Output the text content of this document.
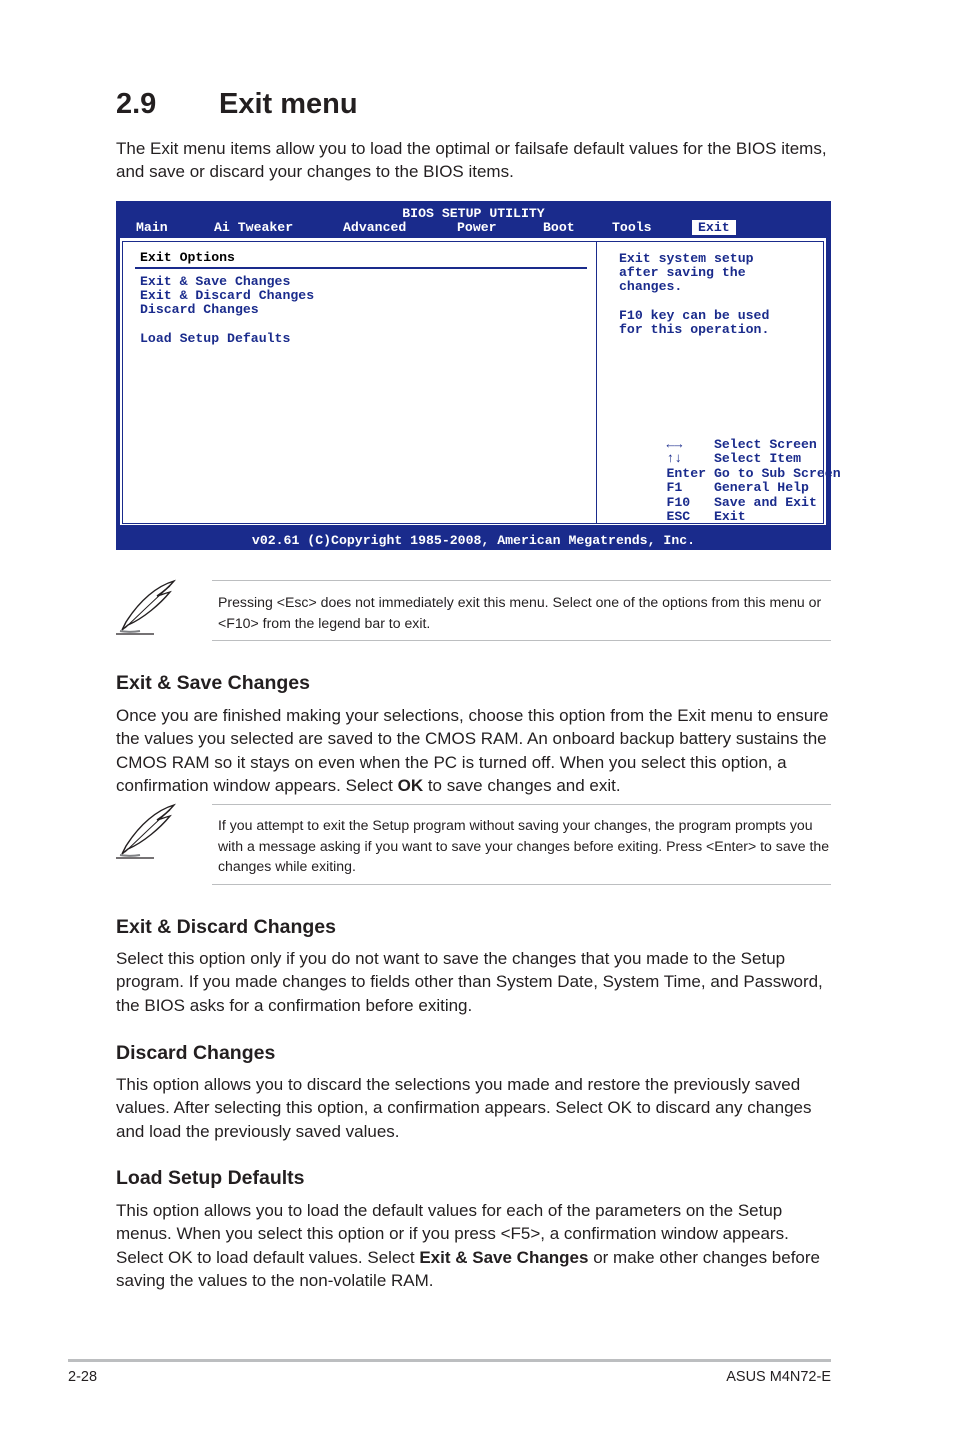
2.9 Exit menu

The Exit menu items allow you to load the optimal or failsafe default values for the BIOS items, and save or discard your changes to the BIOS items.

BIOS SETUP UTILITY
Main	Ai Tweaker	Advanced	Power	Boot	Tools	Exit
Exit Options
Exit & Save Changes
Exit & Discard Changes
Discard Changes
Load Setup Defaults
Exit system setup
after saving the
changes.
F10 key can be used
for this operation.

←→ Select Screen

↑↓ Select Item

Enter Go to Sub Screen

F1 General Help

F10 Save and Exit

ESC Exit

v02.61 (C)Copyright 1985-2008, American Megatrends, Inc.

Pressing <Esc> does not immediately exit this menu. Select one of the options from this menu or <F10> from the legend bar to exit.

Exit & Save Changes

Once you are finished making your selections, choose this option from the Exit menu to ensure the values you selected are saved to the CMOS RAM. An onboard backup battery sustains the CMOS RAM so it stays on even when the PC is turned off. When you select this option, a confirmation window appears. Select OK to save changes and exit.

If you attempt to exit the Setup program without saving your changes, the program prompts you with a message asking if you want to save your changes before exiting. Press <Enter> to save the changes while exiting.

Exit & Discard Changes

Select this option only if you do not want to save the changes that you made to the Setup program. If you made changes to fields other than System Date, System Time, and Password, the BIOS asks for a confirmation before exiting.

Discard Changes

This option allows you to discard the selections you made and restore the previously saved values. After selecting this option, a confirmation appears. Select OK to discard any changes and load the previously saved values.

Load Setup Defaults

This option allows you to load the default values for each of the parameters on the Setup menus. When you select this option or if you press <F5>, a confirmation window appears. Select OK to load default values. Select Exit & Save Changes or make other changes before saving the values to the non-volatile RAM.

2-28	ASUS M4N72-E
